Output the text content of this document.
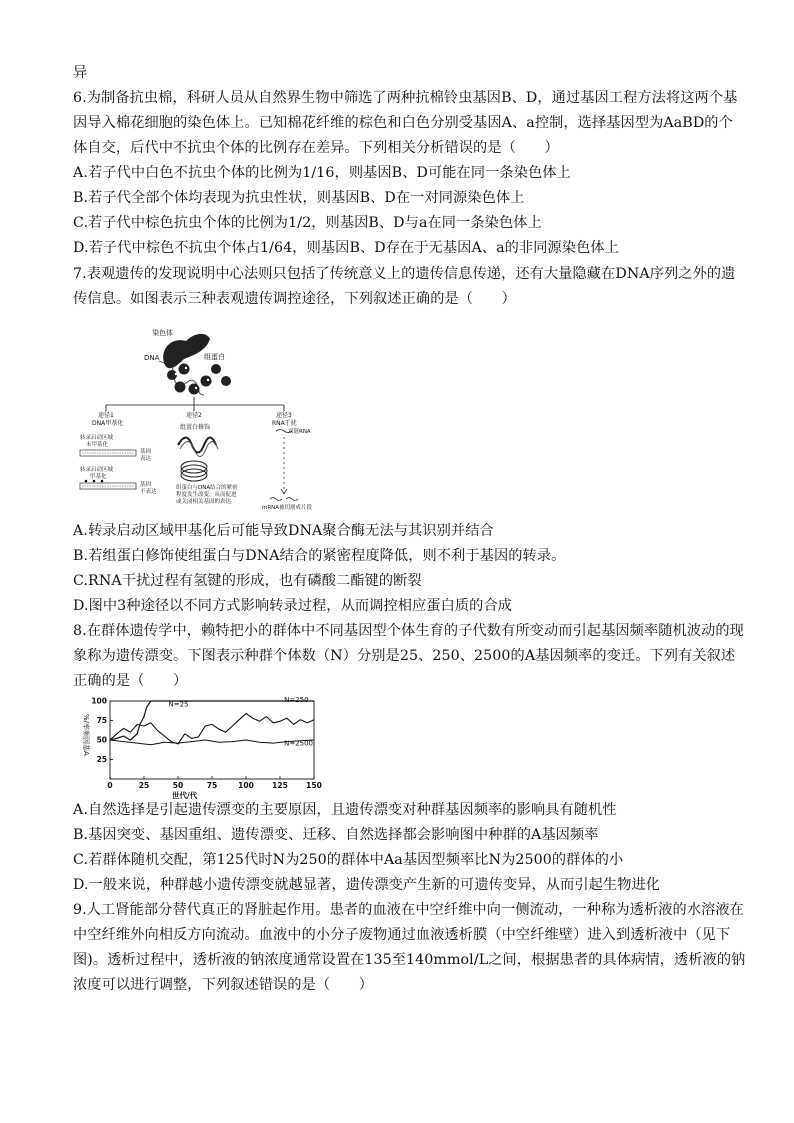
异
6.为制备抗虫棉，科研人员从自然界生物中筛选了两种抗棉铃虫基因B、D，通过基因工程方法将这两个基
因导入棉花细胞的染色体上。已知棉花纤维的棕色和白色分别受基因A、a控制，选择基因型为AaBD的个
体自交，后代中不抗虫个体的比例存在差异。下列相关分析错误的是（　　）
A.若子代中白色不抗虫个体的比例为1/16，则基因B、D可能在同一条染色体上
B.若子代全部个体均表现为抗虫性状，则基因B、D在一对同源染色体上
C.若子代中棕色抗虫个体的比例为1/2，则基因B、D与a在同一条染色体上
D.若子代中棕色不抗虫个体占1/64，则基因B、D存在于无基因A、a的非同源染色体上
7.表观遗传的发现说明中心法则只包括了传统意义上的遗传信息传递，还有大量隐藏在DNA序列之外的遗
传信息。如图表示三种表观遗传调控途径，下列叙述正确的是（　　）
染色体
DNA	组蛋白
途径1
DNA甲基化
转录启动区域
未甲基化
基因
表达
转录启动区域
甲基化
基因
不表达
途径2
组蛋白修饰
组蛋白与DNA结合的紧密
程度发生改变，从而促进
或关闭相关基因的表达
途径3
RNA干扰
双链RNA
mRNA被切割成片段
A.转录启动区域甲基化后可能导致DNA聚合酶无法与其识别并结合
B.若组蛋白修饰使组蛋白与DNA结合的紧密程度降低，则不利于基因的转录。
C.RNA干扰过程有氢键的形成，也有磷酸二酯键的断裂
D.图中3种途径以不同方式影响转录过程，从而调控相应蛋白质的合成
8.在群体遗传学中，赖特把小的群体中不同基因型个体生育的子代数有所变动而引起基因频率随机波动的现
象称为遗传漂变。下图表示种群个体数（N）分别是25、250、2500的A基因频率的变迁。下列有关叙述
正确的是（　　）
N=25
N=250
N=2500
%/率频因基A
25
50
75
100
0	25	50	75	100 125 150
世代/代
A.自然选择是引起遗传漂变的主要原因，且遗传漂变对种群基因频率的影响具有随机性
B.基因突变、基因重组、遗传漂变、迁移、自然选择都会影响图中种群的A基因频率
C.若群体随机交配，第125代时N为250的群体中Aa基因型频率比N为2500的群体的小
D.一般来说，种群越小遗传漂变就越显著，遗传漂变产生新的可遗传变异，从而引起生物进化
9.人工肾能部分替代真正的肾脏起作用。患者的血液在中空纤维中向一侧流动，一种称为透析液的水溶液在
中空纤维外向相反方向流动。血液中的小分子废物通过血液透析膜（中空纤维壁）进入到透析液中（见下
图)。透析过程中，透析液的钠浓度通常设置在135至140mmol/L之间，根据患者的具体病情，透析液的钠
浓度可以进行调整，下列叙述错误的是（　　）
